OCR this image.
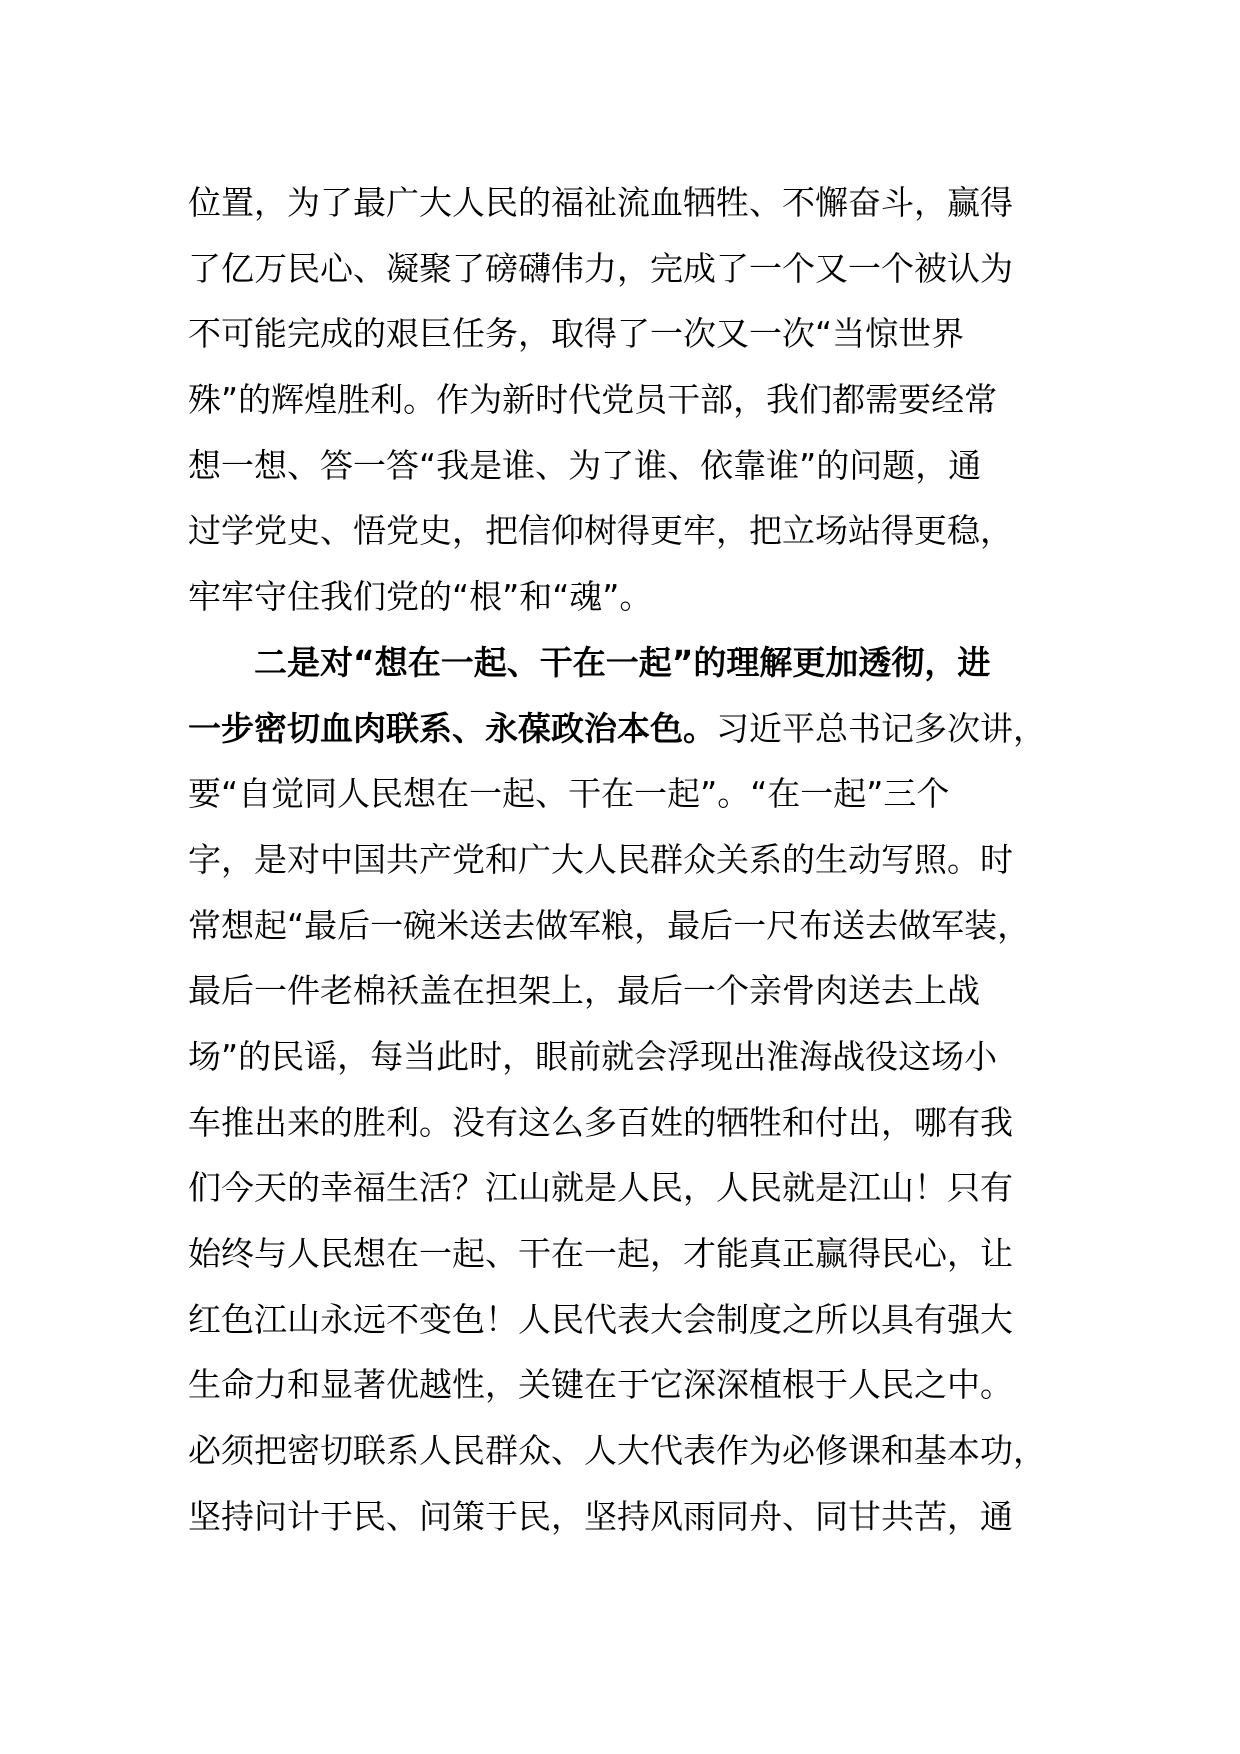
位置，为了最广大人民的福祉流血牺牲、不懈奋斗，赢得
了亿万民心、凝聚了磅礴伟力，完成了一个又一个被认为
不可能完成的艰巨任务，取得了一次又一次“当惊世界
殊”的辉煌胜利。作为新时代党员干部，我们都需要经常
想一想、答一答“我是谁、为了谁、依靠谁”的问题，通
过学党史、悟党史，把信仰树得更牢，把立场站得更稳，
牢牢守住我们党的“根”和“魂”。
二是对“想在一起、干在一起”的理解更加透彻，进
一步密切血肉联系、永葆政治本色。习近平总书记多次讲，
要“自觉同人民想在一起、干在一起”。“在一起”三个
字，是对中国共产党和广大人民群众关系的生动写照。时
常想起“最后一碗米送去做军粮，最后一尺布送去做军装，
最后一件老棉袄盖在担架上，最后一个亲骨肉送去上战
场”的民谣，每当此时，眼前就会浮现出淮海战役这场小
车推出来的胜利。没有这么多百姓的牺牲和付出，哪有我
们今天的幸福生活？江山就是人民，人民就是江山！只有
始终与人民想在一起、干在一起，才能真正赢得民心，让
红色江山永远不变色！人民代表大会制度之所以具有强大
生命力和显著优越性，关键在于它深深植根于人民之中。
必须把密切联系人民群众、人大代表作为必修课和基本功，
坚持问计于民、问策于民，坚持风雨同舟、同甘共苦，通
